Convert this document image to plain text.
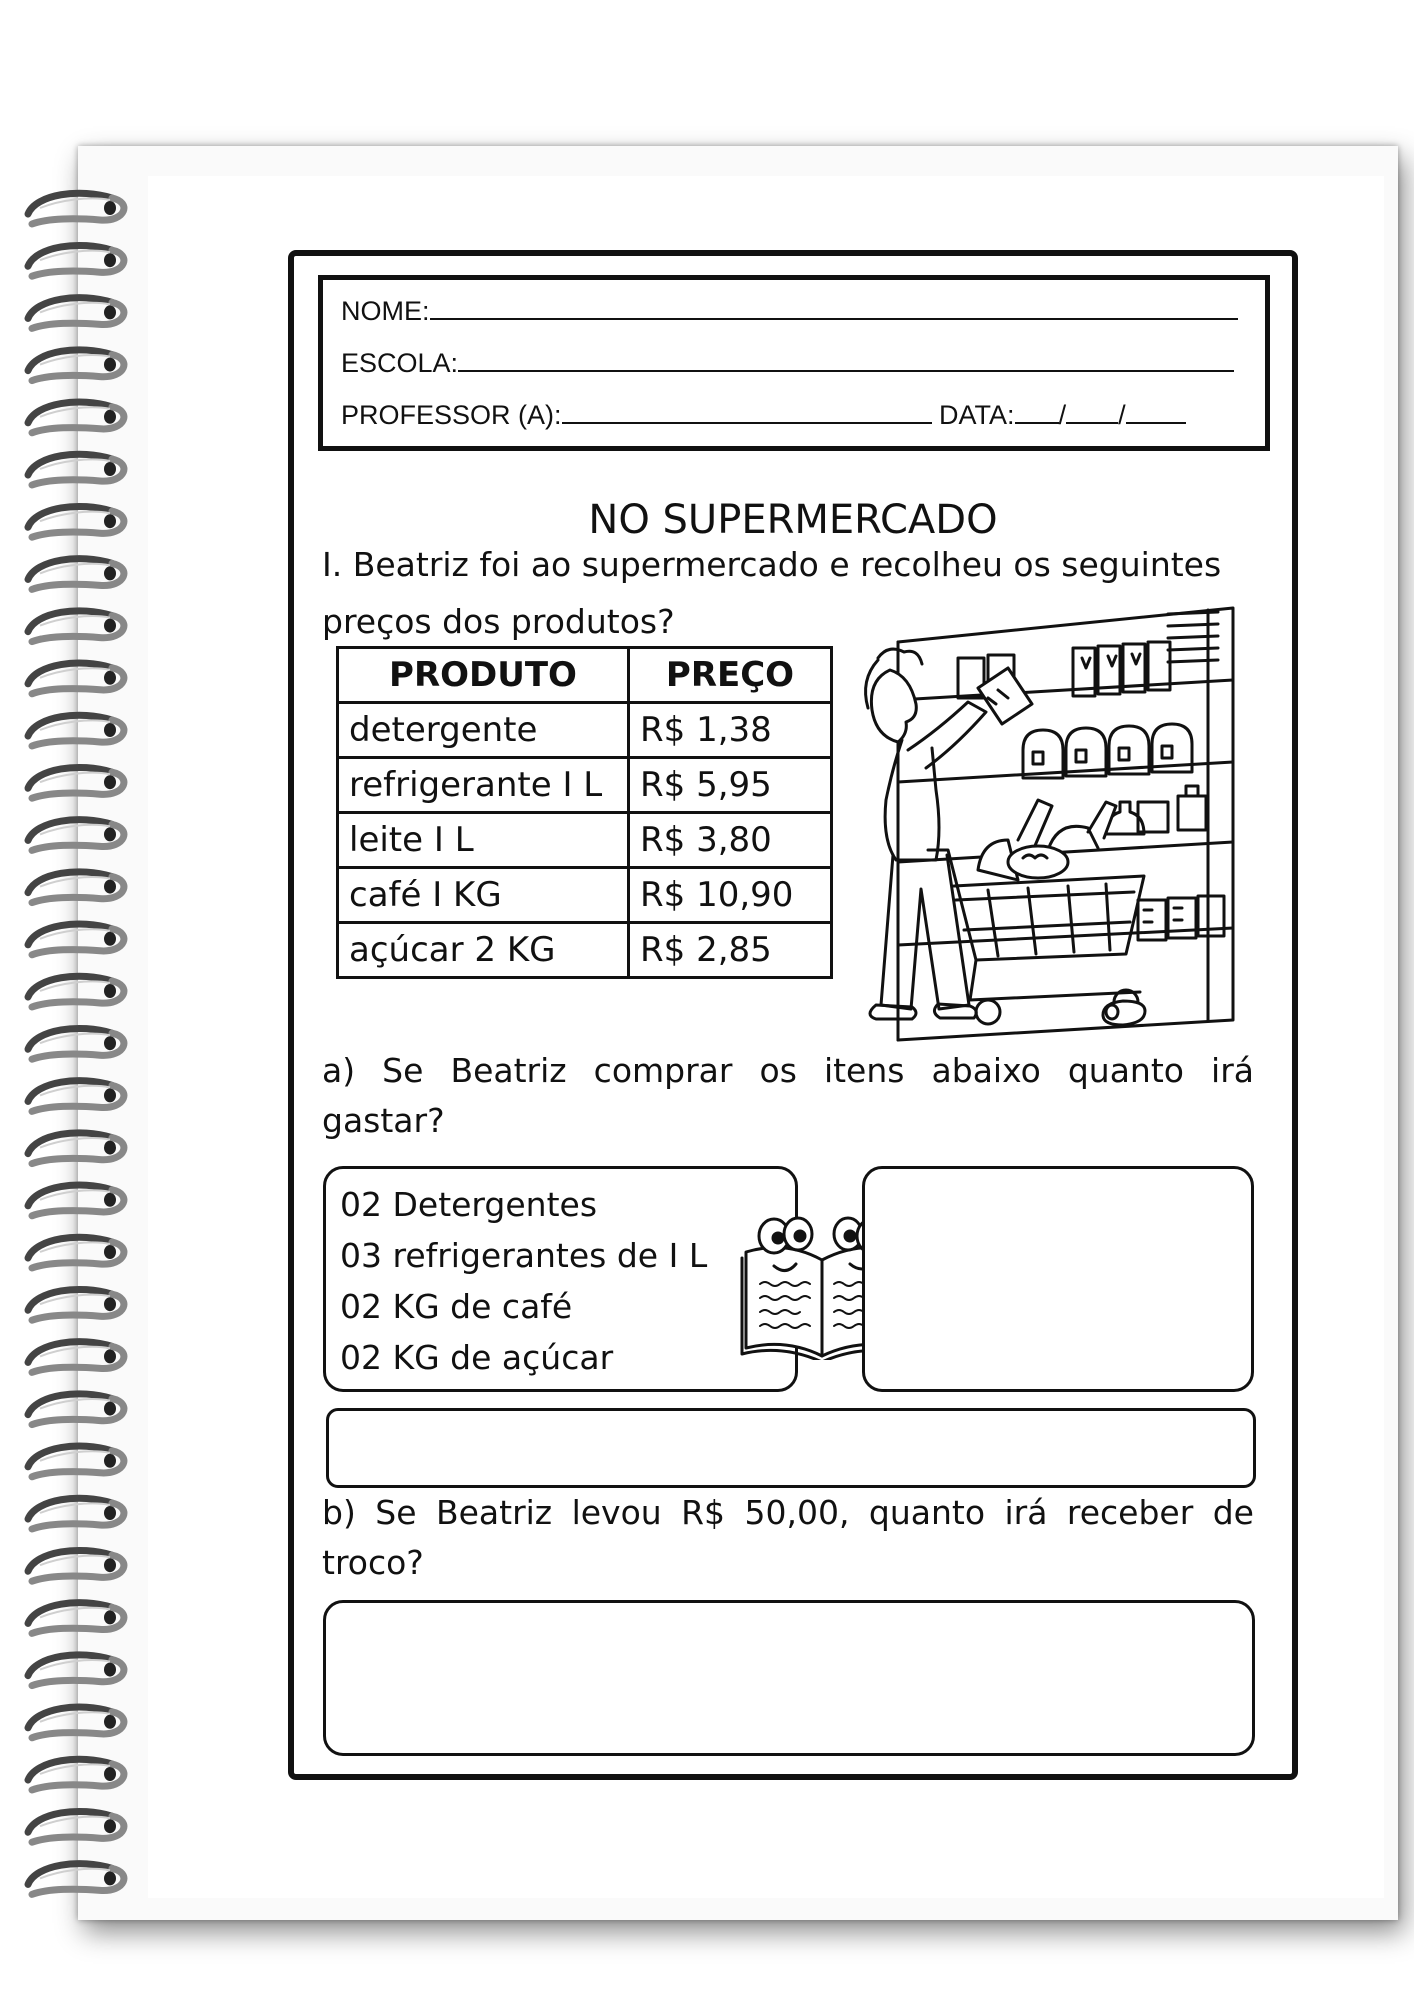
NOME:
ESCOLA:
PROFESSOR (A):	DATA: / /
NO SUPERMERCADO

I. Beatriz foi ao supermercado e recolheu os seguintes preços dos produtos?

PRODUTO	PREÇO
detergente	R$ 1,38
refrigerante I L	R$ 5,95
leite I L	R$ 3,80
café I KG	R$ 10,90
açúcar 2 KG	R$ 2,85

a) Se Beatriz comprar os itens abaixo quanto irá gastar?

02 Detergentes
03 refrigerantes de I L
02 KG de café
02 KG de açúcar

b) Se Beatriz levou R$ 50,00, quanto irá receber de troco?
